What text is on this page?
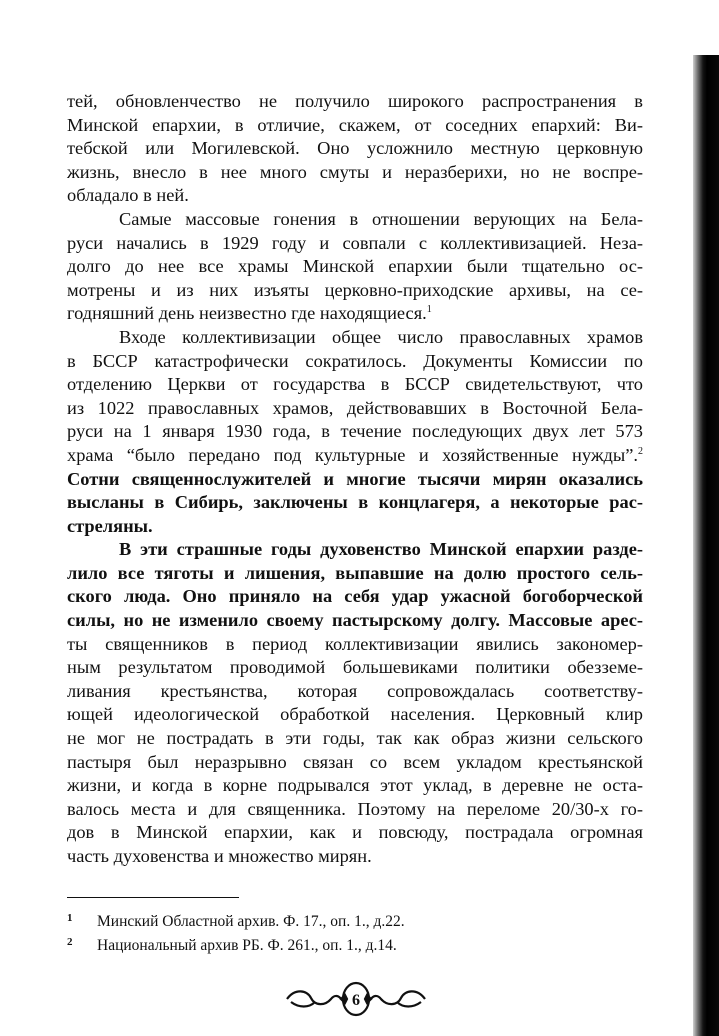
тей, обновленчество не получило широкого распространения в
Минской епархии, в отличие, скажем, от соседних епархий: Ви-
тебской или Могилевской. Оно усложнило местную церковную
жизнь, внесло в нее много смуты и неразберихи, но не воспре-
обладало в ней.
Самые массовые гонения в отношении верующих на Бела-
руси начались в 1929 году и совпали с коллективизацией. Неза-
долго до нее все храмы Минской епархии были тщательно ос-
мотрены и из них изъяты церковно-приходские архивы, на се-
годняшний день неизвестно где находящиеся.$^1$
Входе коллективизации общее число православных храмов
в БССР катастрофически сократилось. Документы Комиссии по
отделению Церкви от государства в БССР свидетельствуют, что
из 1022 православных храмов, действовавших в Восточной Бела-
руси на 1 января 1930 года, в течение последующих двух лет 573
храма “было передано под культурные и хозяйственные нужды”.$^2$
Сотни священнослужителей и многие тысячи мирян оказались
высланы в Сибирь, заключены в концлагеря, а некоторые рас-
стреляны.
В эти страшные годы духовенство Минской епархии разде-
лило все тяготы и лишения, выпавшие на долю простого сель-
ского люда. Оно приняло на себя удар ужасной богоборческой
силы, но не изменило своему пастырскому долгу. Массовые арес-
ты священников в период коллективизации явились закономер-
ным результатом проводимой большевиками политики обезземе-
ливания крестьянства, которая сопровождалась соответству-
ющей идеологической обработкой населения. Церковный клир
не мог не пострадать в эти годы, так как образ жизни сельского
пастыря был неразрывно связан со всем укладом крестьянской
жизни, и когда в корне подрывался этот уклад, в деревне не оста-
валось места и для священника. Поэтому на переломе 20/30-х го-
дов в Минской епархии, как и повсюду, пострадала огромная
часть духовенства и множество мирян.
1 Минский Областной архив. Ф. 17., оп. 1., д.22.
2 Национальный архив РБ. Ф. 261., оп. 1., д.14.
6
